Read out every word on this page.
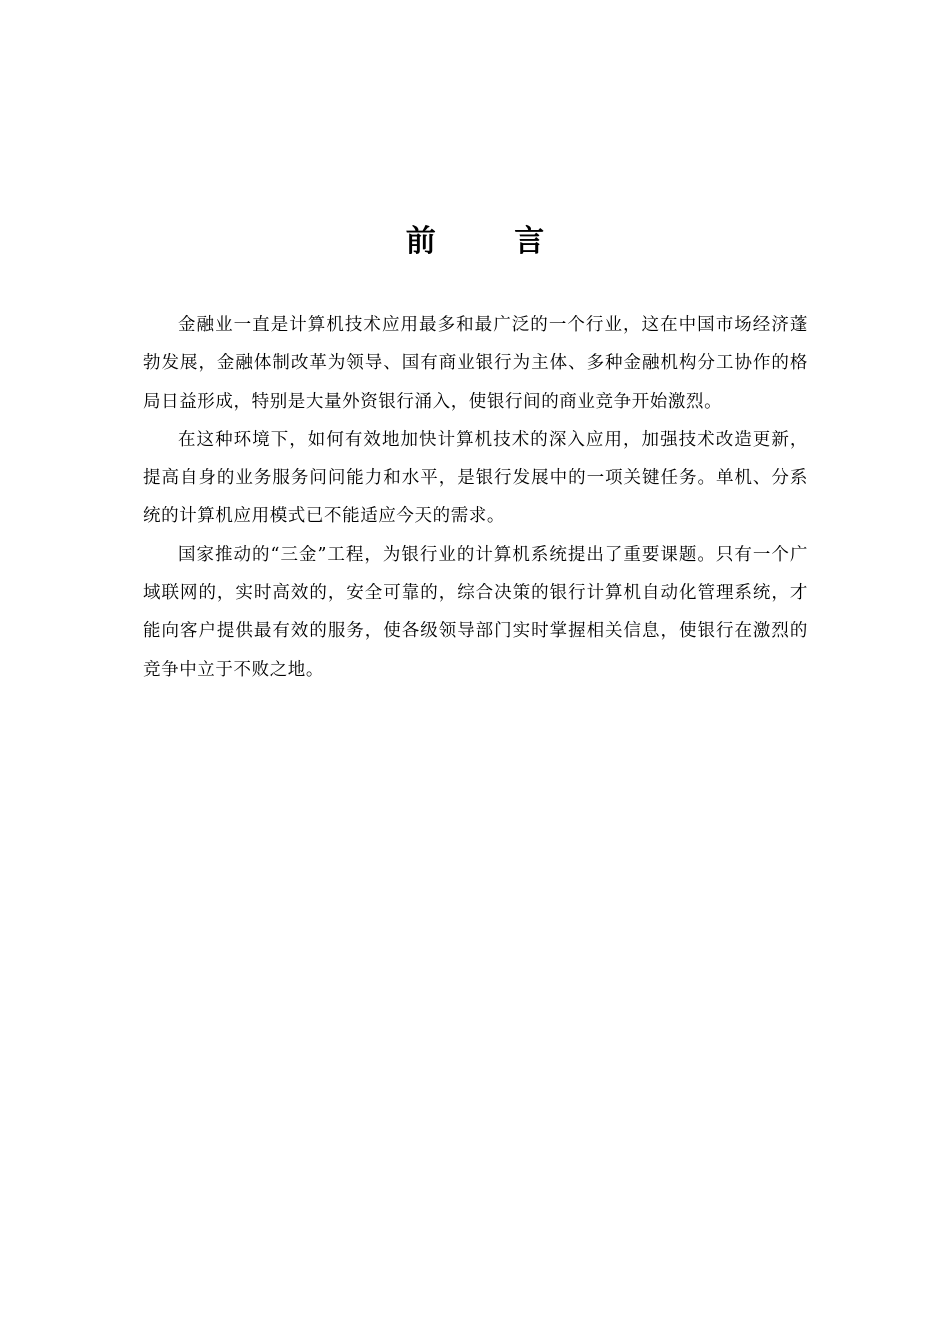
前 言

金融业一直是计算机技术应用最多和最广泛的一个行业，这在中国市场经济蓬勃发展，金融体制改革为领导、国有商业银行为主体、多种金融机构分工协作的格局日益形成，特别是大量外资银行涌入，使银行间的商业竞争开始激烈。

在这种环境下，如何有效地加快计算机技术的深入应用，加强技术改造更新，提高自身的业务服务问问能力和水平，是银行发展中的一项关键任务。单机、分系统的计算机应用模式已不能适应今天的需求。

国家推动的“三金”工程，为银行业的计算机系统提出了重要课题。只有一个广域联网的，实时高效的，安全可靠的，综合决策的银行计算机自动化管理系统，才能向客户提供最有效的服务，使各级领导部门实时掌握相关信息，使银行在激烈的竞争中立于不败之地。
